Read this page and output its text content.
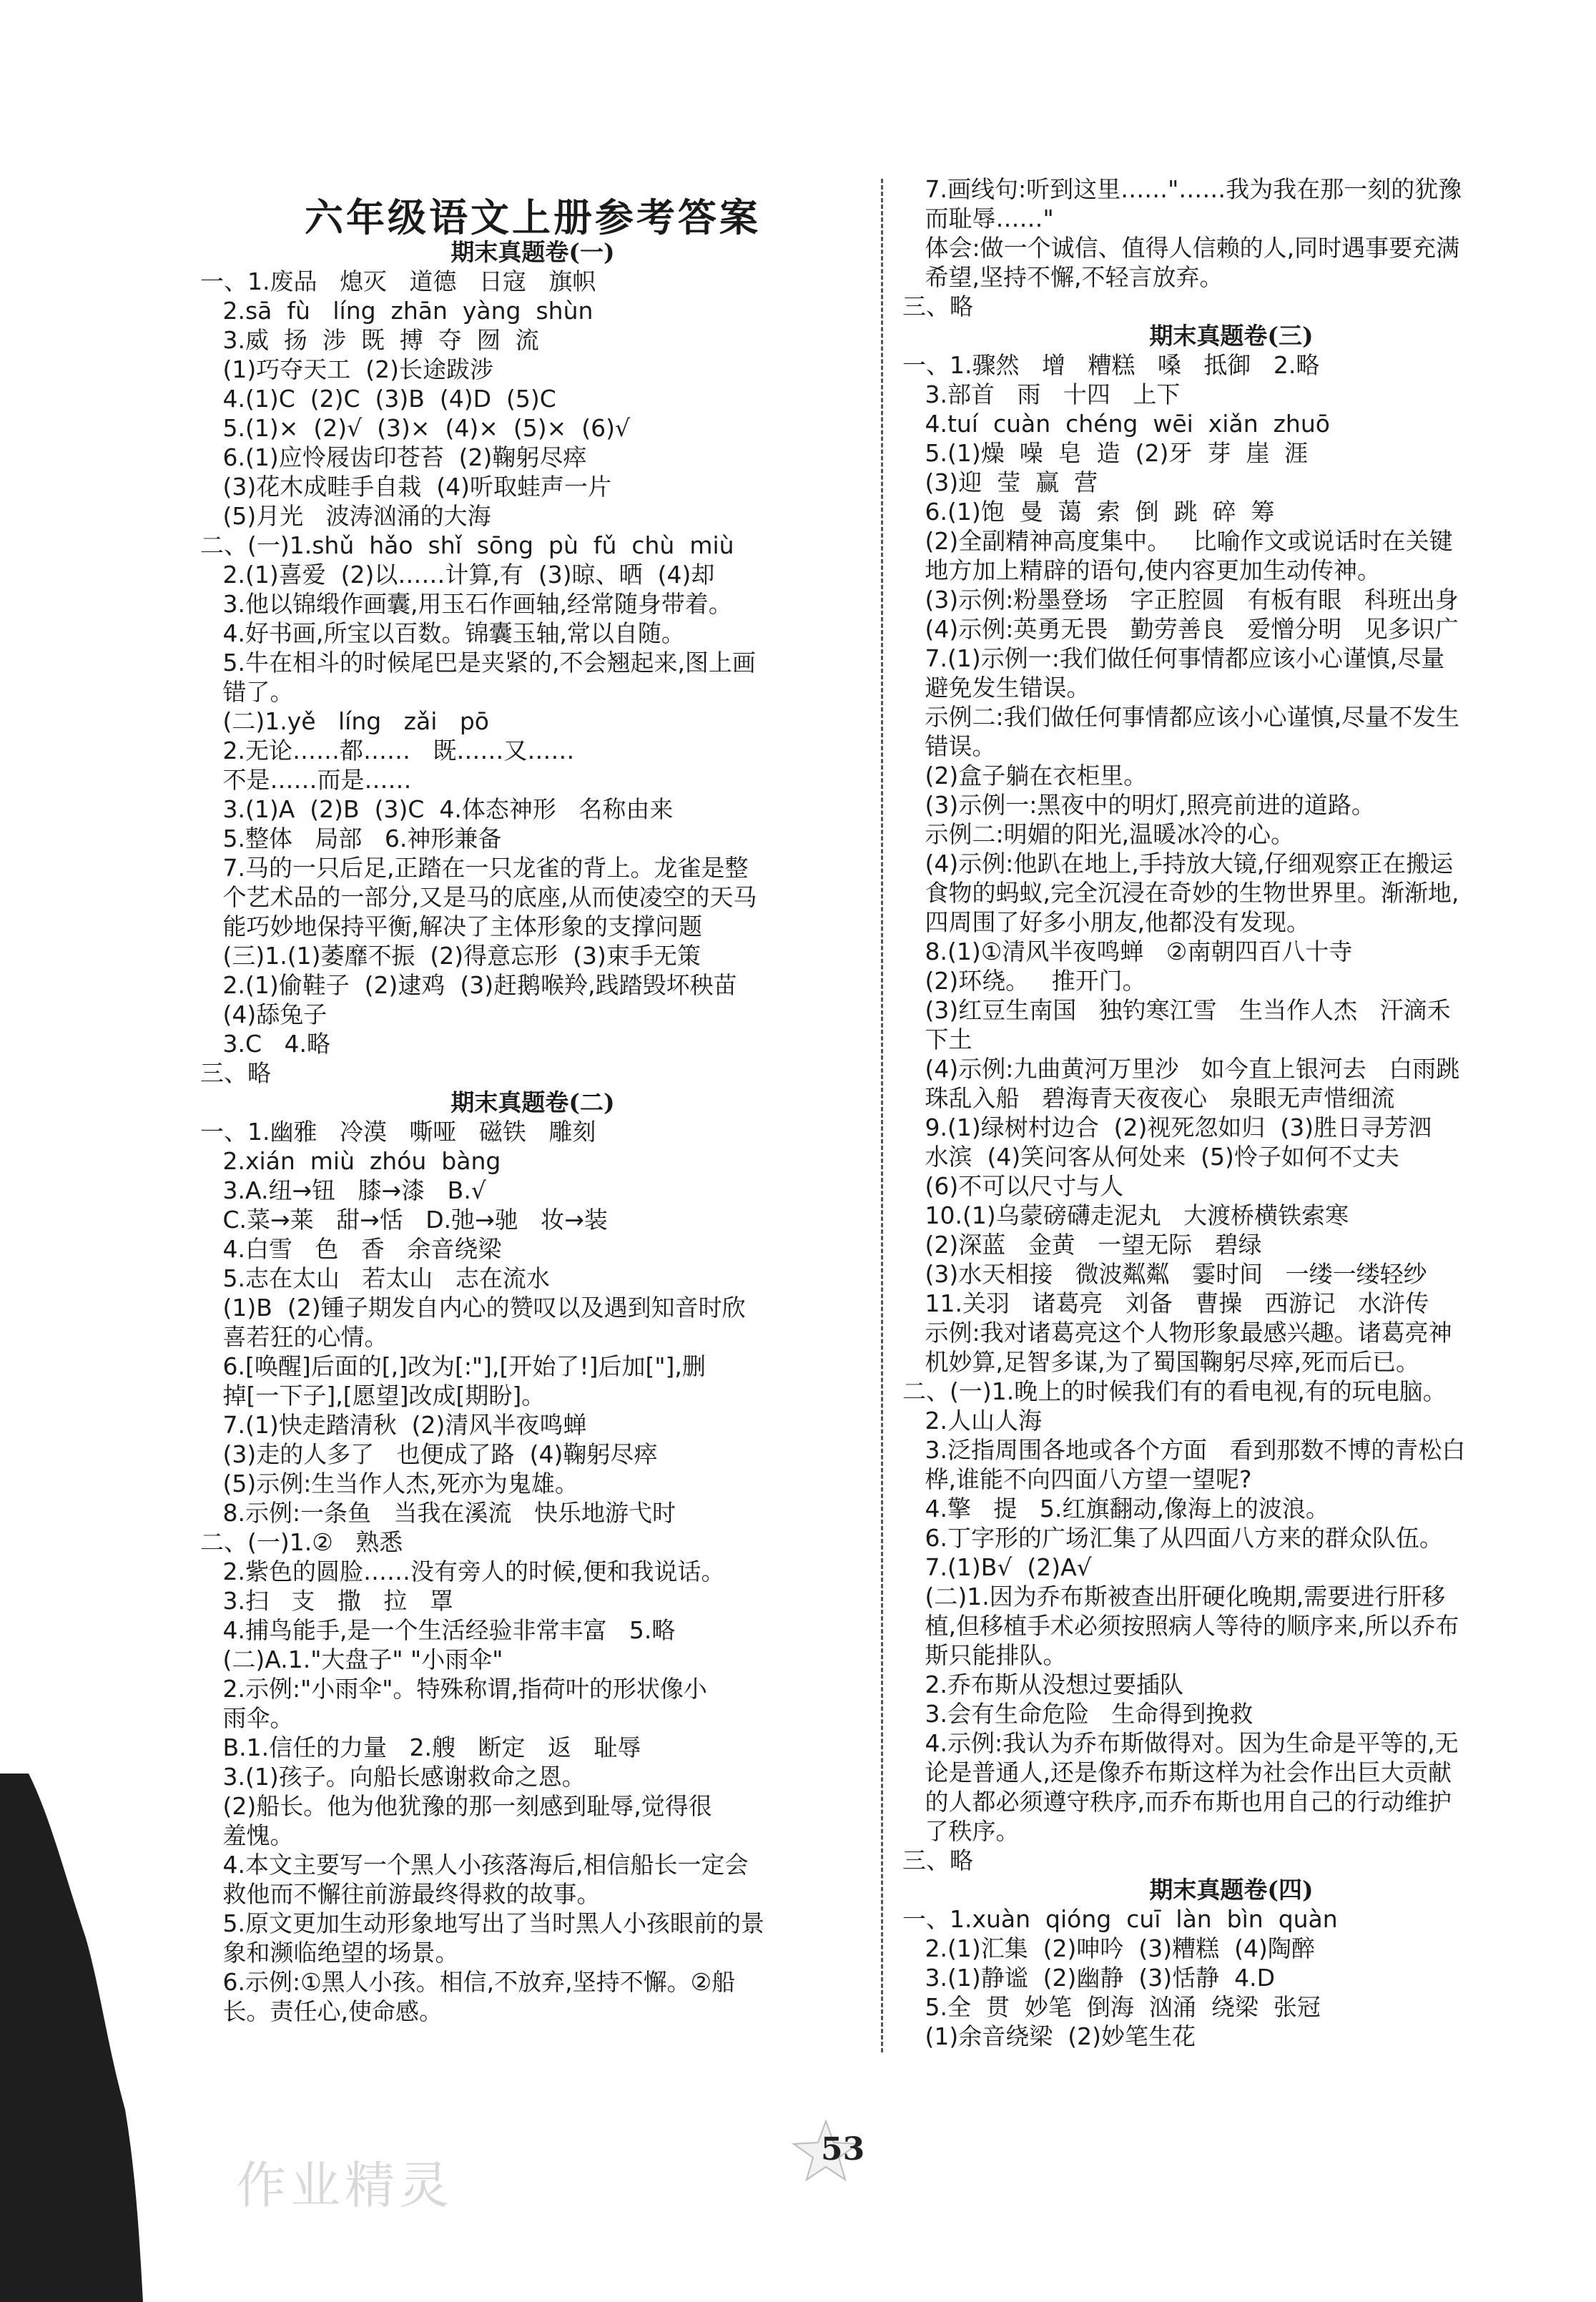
六年级语文上册参考答案
期末真题卷(一)
一、1.废品   熄灭   道德   日寇   旗帜
2.sā  fù   líng  zhān  yàng  shùn
3.威  扬  涉  既  搏  夺  囫  流
(1)巧夺天工  (2)长途跋涉
4.(1)C  (2)C  (3)B  (4)D  (5)C
5.(1)×  (2)√  (3)×  (4)×  (5)×  (6)√
6.(1)应怜屐齿印苍苔  (2)鞠躬尽瘁
(3)花木成畦手自栽  (4)听取蛙声一片
(5)月光   波涛汹涌的大海
二、(一)1.shǔ  hǎo  shǐ  sōng  pù  fǔ  chù  miù
2.(1)喜爱  (2)以……计算,有  (3)晾、晒  (4)却
3.他以锦缎作画囊,用玉石作画轴,经常随身带着。
4.好书画,所宝以百数。锦囊玉轴,常以自随。
5.牛在相斗的时候尾巴是夹紧的,不会翘起来,图上画
错了。
(二)1.yě   líng   zǎi   pō
2.无论……都……   既……又……
不是……而是……
3.(1)A  (2)B  (3)C  4.体态神形   名称由来
5.整体   局部   6.神形兼备
7.马的一只后足,正踏在一只龙雀的背上。龙雀是整
个艺术品的一部分,又是马的底座,从而使凌空的天马
能巧妙地保持平衡,解决了主体形象的支撑问题
(三)1.(1)萎靡不振  (2)得意忘形  (3)束手无策
2.(1)偷鞋子  (2)逮鸡  (3)赶鹅喉羚,践踏毁坏秧苗
(4)舔兔子
3.C   4.略
三、略
期末真题卷(二)
一、1.幽雅   冷漠   嘶哑   磁铁   雕刻
2.xián  miù  zhóu  bàng
3.A.纽→钮   膝→漆   B.√
C.菜→莱   甜→恬   D.弛→驰   妆→装
4.白雪   色   香   余音绕梁
5.志在太山   若太山   志在流水
(1)B  (2)锺子期发自内心的赞叹以及遇到知音时欣
喜若狂的心情。
6.[唤醒]后面的[,]改为[:"],[开始了!]后加["],删
掉[一下子],[愿望]改成[期盼]。
7.(1)快走踏清秋  (2)清风半夜鸣蝉
(3)走的人多了   也便成了路  (4)鞠躬尽瘁
(5)示例:生当作人杰,死亦为鬼雄。
8.示例:一条鱼   当我在溪流   快乐地游弋时
二、(一)1.②   熟悉
2.紫色的圆脸……没有旁人的时候,便和我说话。
3.扫   支   撒   拉   罩
4.捕鸟能手,是一个生活经验非常丰富   5.略
(二)A.1."大盘子" "小雨伞"
2.示例:"小雨伞"。特殊称谓,指荷叶的形状像小
雨伞。
B.1.信任的力量   2.艘   断定   返   耻辱
3.(1)孩子。向船长感谢救命之恩。
(2)船长。他为他犹豫的那一刻感到耻辱,觉得很
羞愧。
4.本文主要写一个黑人小孩落海后,相信船长一定会
救他而不懈往前游最终得救的故事。
5.原文更加生动形象地写出了当时黑人小孩眼前的景
象和濒临绝望的场景。
6.示例:①黑人小孩。相信,不放弃,坚持不懈。②船
长。责任心,使命感。
7.画线句:听到这里……"……我为我在那一刻的犹豫
而耻辱……"
体会:做一个诚信、值得人信赖的人,同时遇事要充满
希望,坚持不懈,不轻言放弃。
三、略
期末真题卷(三)
一、1.骤然   增   糟糕   嗓   抵御   2.略
3.部首   雨   十四   上下
4.tuí  cuàn  chéng  wēi  xiǎn  zhuō
5.(1)燥  噪  皂  造  (2)牙  芽  崖  涯
(3)迎  莹  赢  营
6.(1)饱  曼  蔼  索  倒  跳  碎  筹
(2)全副精神高度集中。   比喻作文或说话时在关键
地方加上精辟的语句,使内容更加生动传神。
(3)示例:粉墨登场   字正腔圆   有板有眼   科班出身
(4)示例:英勇无畏   勤劳善良   爱憎分明   见多识广
7.(1)示例一:我们做任何事情都应该小心谨慎,尽量
避免发生错误。
示例二:我们做任何事情都应该小心谨慎,尽量不发生
错误。
(2)盒子躺在衣柜里。
(3)示例一:黑夜中的明灯,照亮前进的道路。
示例二:明媚的阳光,温暖冰冷的心。
(4)示例:他趴在地上,手持放大镜,仔细观察正在搬运
食物的蚂蚁,完全沉浸在奇妙的生物世界里。渐渐地,
四周围了好多小朋友,他都没有发现。
8.(1)①清风半夜鸣蝉   ②南朝四百八十寺
(2)环绕。   推开门。
(3)红豆生南国   独钓寒江雪   生当作人杰   汗滴禾
下土
(4)示例:九曲黄河万里沙   如今直上银河去   白雨跳
珠乱入船   碧海青天夜夜心   泉眼无声惜细流
9.(1)绿树村边合  (2)视死忽如归  (3)胜日寻芳泗
水滨  (4)笑问客从何处来  (5)怜子如何不丈夫
(6)不可以尺寸与人
10.(1)乌蒙磅礴走泥丸   大渡桥横铁索寒
(2)深蓝   金黄   一望无际   碧绿
(3)水天相接   微波粼粼   霎时间   一缕一缕轻纱
11.关羽   诸葛亮   刘备   曹操   西游记   水浒传
示例:我对诸葛亮这个人物形象最感兴趣。诸葛亮神
机妙算,足智多谋,为了蜀国鞠躬尽瘁,死而后已。
二、(一)1.晚上的时候我们有的看电视,有的玩电脑。
2.人山人海
3.泛指周围各地或各个方面   看到那数不博的青松白
桦,谁能不向四面八方望一望呢?
4.擎   提   5.红旗翻动,像海上的波浪。
6.丁字形的广场汇集了从四面八方来的群众队伍。
7.(1)B√  (2)A√
(二)1.因为乔布斯被查出肝硬化晚期,需要进行肝移
植,但移植手术必须按照病人等待的顺序来,所以乔布
斯只能排队。
2.乔布斯从没想过要插队
3.会有生命危险   生命得到挽救
4.示例:我认为乔布斯做得对。因为生命是平等的,无
论是普通人,还是像乔布斯这样为社会作出巨大贡献
的人都必须遵守秩序,而乔布斯也用自己的行动维护
了秩序。
三、略
期末真题卷(四)
一、1.xuàn  qióng  cuī  làn  bìn  quàn
2.(1)汇集  (2)呻吟  (3)糟糕  (4)陶醉
3.(1)静谧  (2)幽静  (3)恬静  4.D
5.全  贯  妙笔  倒海  汹涌  绕梁  张冠
(1)余音绕梁  (2)妙笔生花
53
作业精灵
